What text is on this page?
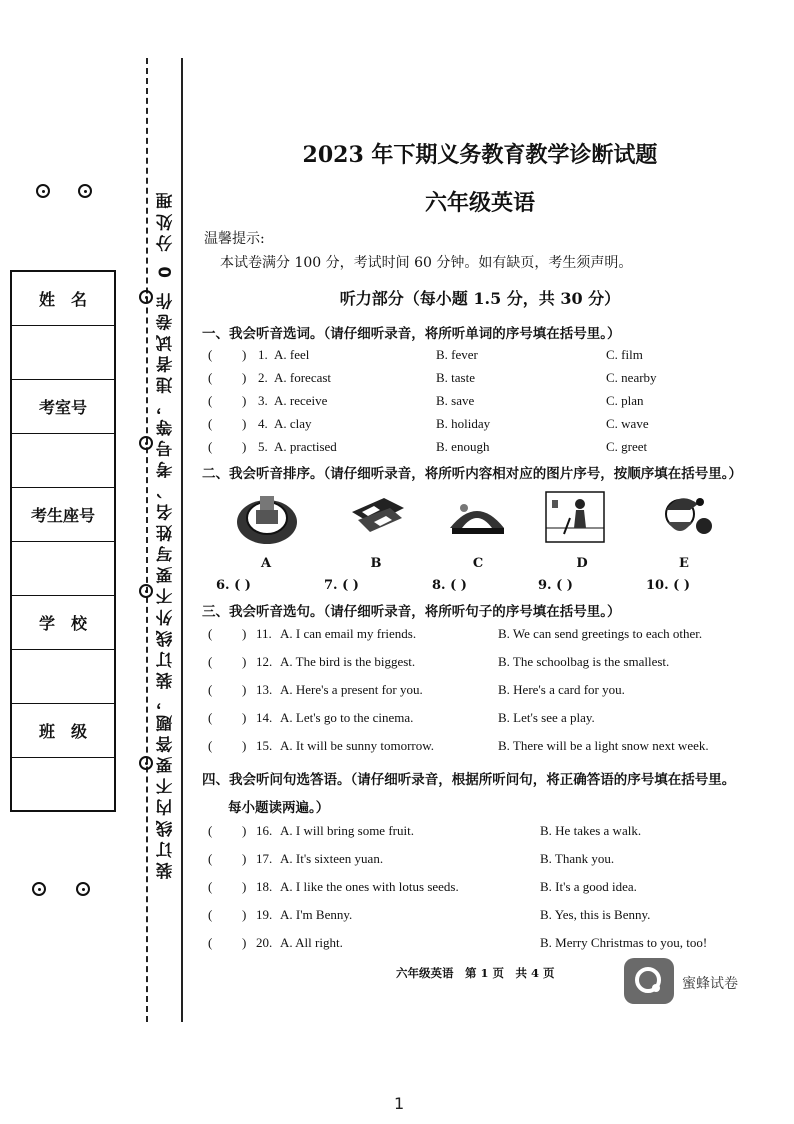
装订线内不要答题，装订线外不要写姓名、考号等，违者试卷作 0 分处理
姓　名
考室号
考生座号
学　校
班　级
2023 年下期义务教育教学诊断试题
六年级英语
温馨提示:
本试卷满分 100 分，考试时间 60 分钟。如有缺页，考生须声明。
听力部分（每小题 1.5 分，共 30 分）
一、我会听音选词。（请仔细听录音，将所听单词的序号填在括号里。）
( ) 1. A. feel	B. fever	C. film
( ) 2. A. forecast	B. taste	C. nearby
( ) 3. A. receive	B. save	C. plan
( ) 4. A. clay	B. holiday	C. wave
( ) 5. A. practised	B. enough	C. greet
二、我会听音排序。（请仔细听录音，将所听内容相对应的图片序号，按顺序填在括号里。）
A	B	C	D	E
6. ( )	7. ( )	8. ( )	9. ( )	10. ( )
三、我会听音选句。（请仔细听录音，将所听句子的序号填在括号里。）
( ) 11. A. I can email my friends.	B. We can send greetings to each other.
( ) 12. A. The bird is the biggest.	B. The schoolbag is the smallest.
( ) 13. A. Here's a present for you.	B. Here's a card for you.
( ) 14. A. Let's go to the cinema.	B. Let's see a play.
( ) 15. A. It will be sunny tomorrow.	B. There will be a light snow next week.
四、我会听问句选答语。（请仔细听录音，根据所听问句，将正确答语的序号填在括号里。
每小题读两遍。）
( ) 16. A. I will bring some fruit.	B. He takes a walk.
( ) 17. A. It's sixteen yuan.	B. Thank you.
( ) 18. A. I like the ones with lotus seeds.	B. It's a good idea.
( ) 19. A. I'm Benny.	B. Yes, this is Benny.
( ) 20. A. All right.	B. Merry Christmas to you, too!
六年级英语　第 1 页　共 4 页
蜜蜂试卷
1
